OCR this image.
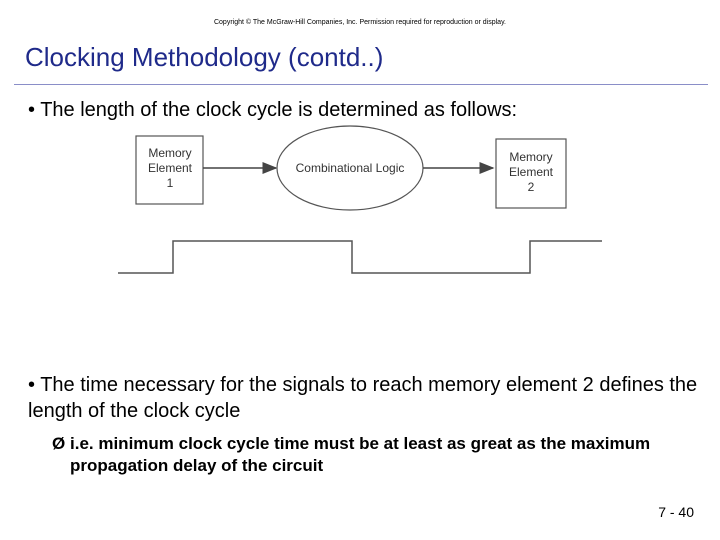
Copyright © The McGraw-Hill Companies, Inc. Permission required for reproduction or display.
Clocking Methodology (contd..)
• The length of the clock cycle is determined as follows:
Memory
Element
1
Combinational Logic
Memory
Element
2
• The time necessary for the signals to reach memory element 2 defines the length of the clock cycle
Ø i.e. minimum clock cycle time must be at least as great as the maximum propagation delay of the circuit
7 - 40
